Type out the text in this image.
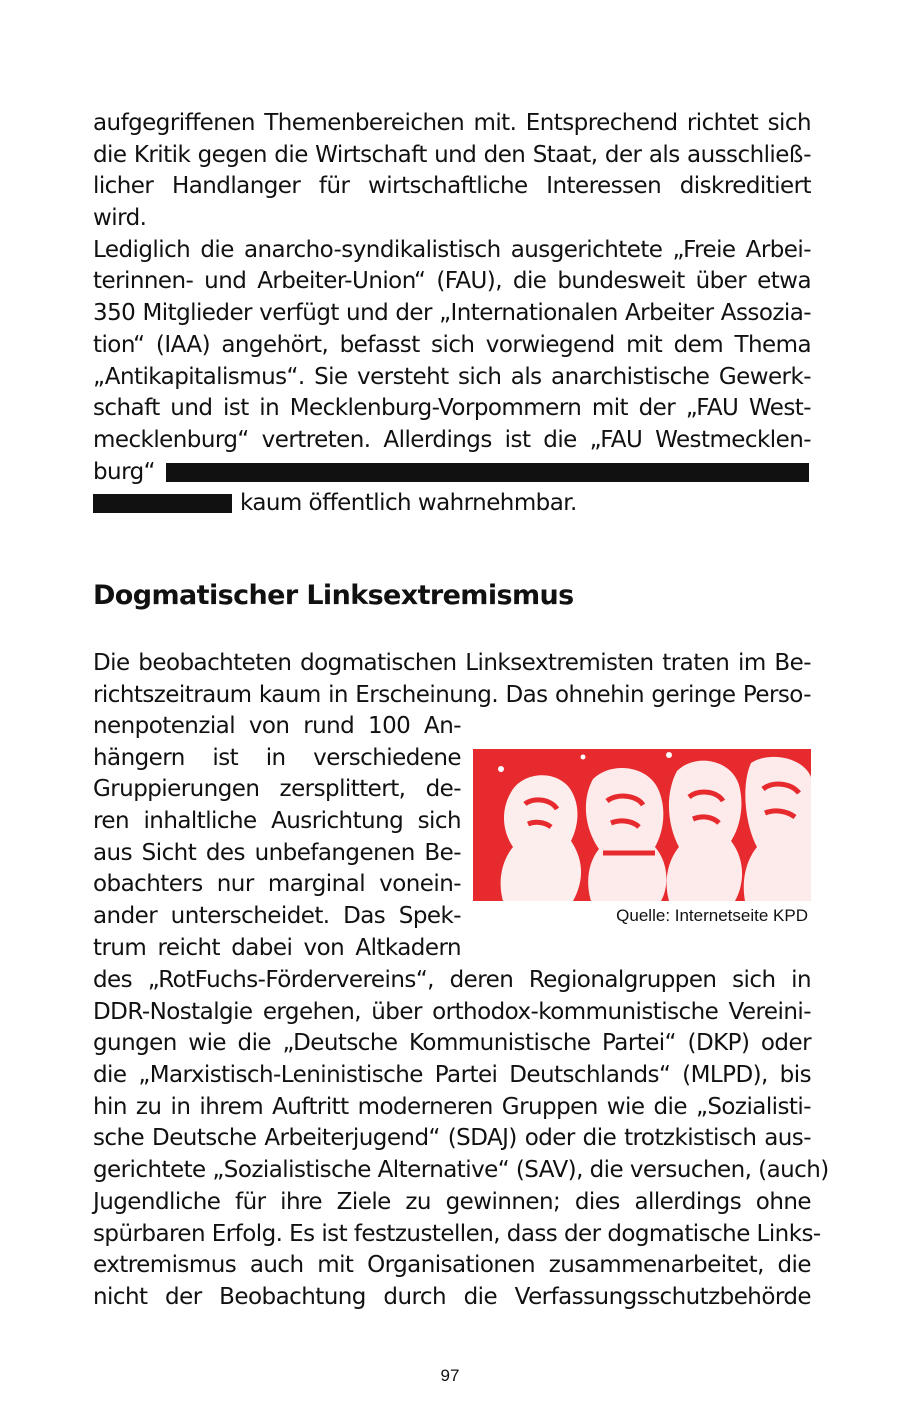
aufgegriffenen Themenbereichen mit. Entsprechend richtet sich
die Kritik gegen die Wirtschaft und den Staat, der als ausschließ-
licher Handlanger für wirtschaftliche Interessen diskreditiert
wird.
Lediglich die anarcho-syndikalistisch ausgerichtete „Freie Arbei-
terinnen- und Arbeiter-Union“ (FAU), die bundesweit über etwa
350 Mitglieder verfügt und der „Internationalen Arbeiter Assozia-
tion“ (IAA) angehört, befasst sich vorwiegend mit dem Thema
„Antikapitalismus“. Sie versteht sich als anarchistische Gewerk-
schaft und ist in Mecklenburg-Vorpommern mit der „FAU West-
mecklenburg“ vertreten. Allerdings ist die „FAU Westmecklen-
burg“
kaum öffentlich wahrnehmbar.
Dogmatischer Linksextremismus
Die beobachteten dogmatischen Linksextremisten traten im Be-
richtszeitraum kaum in Erscheinung. Das ohnehin geringe Perso-
nenpotenzial von rund 100 An-
hängern ist in verschiedene
Gruppierungen zersplittert, de-
ren inhaltliche Ausrichtung sich
aus Sicht des unbefangenen Be-
obachters nur marginal vonein-
ander unterscheidet. Das Spek-
trum reicht dabei von Altkadern
Quelle: Internetseite KPD
des „RotFuchs-Fördervereins“, deren Regionalgruppen sich in
DDR-Nostalgie ergehen, über orthodox-kommunistische Vereini-
gungen wie die „Deutsche Kommunistische Partei“ (DKP) oder
die „Marxistisch-Leninistische Partei Deutschlands“ (MLPD), bis
hin zu in ihrem Auftritt moderneren Gruppen wie die „Sozialisti-
sche Deutsche Arbeiterjugend“ (SDAJ) oder die trotzkistisch aus-
gerichtete „Sozialistische Alternative“ (SAV), die versuchen, (auch)
Jugendliche für ihre Ziele zu gewinnen; dies allerdings ohne
spürbaren Erfolg. Es ist festzustellen, dass der dogmatische Links-
extremismus auch mit Organisationen zusammenarbeitet, die
nicht der Beobachtung durch die Verfassungsschutzbehörde
97
